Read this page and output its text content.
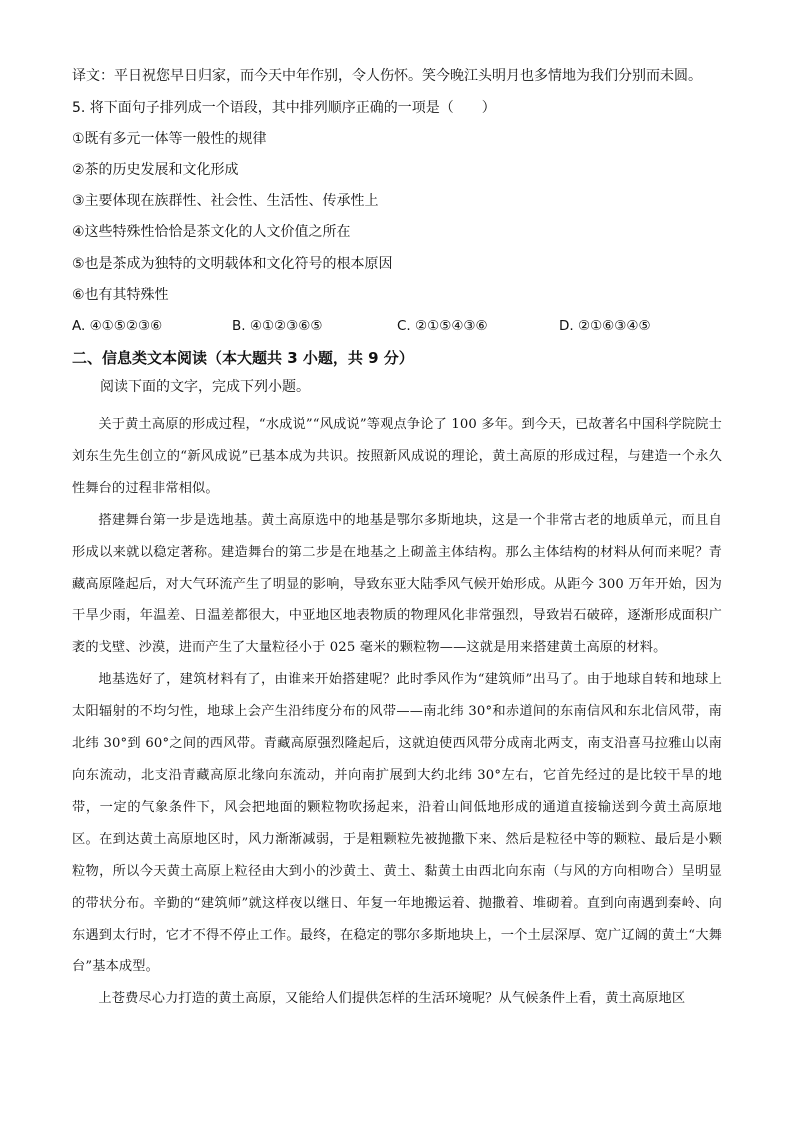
译文：平日祝您早日归家，而今天中年作别，令人伤怀。笑今晚江头明月也多情地为我们分别而未圆。
5. 将下面句子排列成一个语段，其中排列顺序正确的一项是（　　）
①既有多元一体等一般性的规律
②茶的历史发展和文化形成
③主要体现在族群性、社会性、生活性、传承性上
④这些特殊性恰恰是茶文化的人文价值之所在
⑤也是茶成为独特的文明载体和文化符号的根本原因
⑥也有其特殊性
A. ④①⑤②③⑥	B. ④①②③⑥⑤	C. ②①⑤④③⑥	D. ②①⑥③④⑤
二、信息类文本阅读（本大题共 3 小题，共 9 分）
阅读下面的文字，完成下列小题。

关于黄土高原的形成过程，“水成说”“风成说”等观点争论了 100 多年。到今天，已故著名中国科学院院士刘东生先生创立的“新风成说”已基本成为共识。按照新风成说的理论，黄土高原的形成过程，与建造一个永久性舞台的过程非常相似。

搭建舞台第一步是选地基。黄土高原选中的地基是鄂尔多斯地块，这是一个非常古老的地质单元，而且自形成以来就以稳定著称。建造舞台的第二步是在地基之上砌盖主体结构。那么主体结构的材料从何而来呢？青藏高原隆起后，对大气环流产生了明显的影响，导致东亚大陆季风气候开始形成。从距今 300 万年开始，因为干旱少雨，年温差、日温差都很大，中亚地区地表物质的物理风化非常强烈，导致岩石破碎，逐渐形成面积广袤的戈壁、沙漠，进而产生了大量粒径小于 025 毫米的颗粒物——这就是用来搭建黄土高原的材料。

地基选好了，建筑材料有了，由谁来开始搭建呢？此时季风作为“建筑师”出马了。由于地球自转和地球上太阳辐射的不均匀性，地球上会产生沿纬度分布的风带——南北纬 30°和赤道间的东南信风和东北信风带，南北纬 30°到 60°之间的西风带。青藏高原强烈隆起后，这就迫使西风带分成南北两支，南支沿喜马拉雅山以南向东流动，北支沿青藏高原北缘向东流动，并向南扩展到大约北纬 30°左右，它首先经过的是比较干旱的地带，一定的气象条件下，风会把地面的颗粒物吹扬起来，沿着山间低地形成的通道直接输送到今黄土高原地区。在到达黄土高原地区时，风力渐渐减弱，于是粗颗粒先被抛撒下来、然后是粒径中等的颗粒、最后是小颗粒物，所以今天黄土高原上粒径由大到小的沙黄土、黄土、黏黄土由西北向东南（与风的方向相吻合）呈明显的带状分布。辛勤的“建筑师”就这样夜以继日、年复一年地搬运着、抛撒着、堆砌着。直到向南遇到秦岭、向东遇到太行时，它才不得不停止工作。最终，在稳定的鄂尔多斯地块上，一个土层深厚、宽广辽阔的黄土“大舞台”基本成型。

上苍费尽心力打造的黄土高原，又能给人们提供怎样的生活环境呢？从气候条件上看，黄土高原地区
